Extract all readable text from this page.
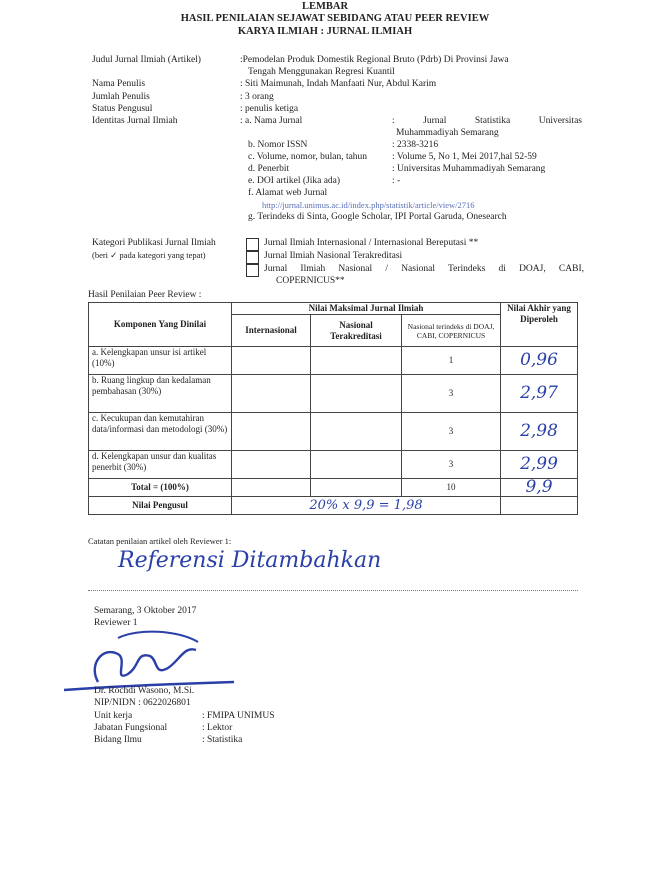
LEMBAR
HASIL PENILAIAN SEJAWAT SEBIDANG ATAU PEER REVIEW
KARYA ILMIAH : JURNAL ILMIAH
Judul Jurnal Ilmiah (Artikel)	:Pemodelan Produk Domestik Regional Bruto (Pdrb) Di Provinsi Jawa
Tengah Menggunakan Regresi Kuantil
Nama Penulis	: Siti Maimunah, Indah Manfaati Nur, Abdul Karim
Jumlah Penulis	: 3 orang
Status Pengusul	: penulis ketiga
Identitas Jurnal Ilmiah	: a. Nama Jurnal	: Jurnal Statistika Universitas
Muhammadiyah Semarang
b. Nomor ISSN	: 2338-3216
c. Volume, nomor, bulan, tahun	: Volume 5, No 1, Mei 2017,hal 52-59
d. Penerbit	: Universitas Muhammadiyah Semarang
e. DOI artikel (Jika ada)	: -
f. Alamat web Jurnal
http://jurnal.unimus.ac.id/index.php/statistik/article/view/2716
g. Terindeks di Sinta, Google Scholar, IPI Portal Garuda, Onesearch
Kategori Publikasi Jurnal Ilmiah
(beri ✓ pada kategori yang tepat)
Jurnal Ilmiah Internasional / Internasional Bereputasi **
Jurnal Ilmiah Nasional Terakreditasi
Jurnal Ilmiah Nasional / Nasional Terindeks di DOAJ, CABI,
COPERNICUS**
Hasil Penilaian Peer Review :
Komponen Yang Dinilai	Nilai Maksimal Jurnal Ilmiah			Nilai Akhir yang Diperoleh
	Internasional	Nasional Terakreditasi	Nasional terindeks di DOAJ, CABI, COPERNICUS	
a. Kelengkapan unsur isi artikel (10%)			1	0,96
b. Ruang lingkup dan kedalaman pembahasan (30%)			3	2,97
c. Kecukupan dan kemutahiran data/informasi dan metodologi (30%)			3	2,98
d. Kelengkapan unsur dan kualitas penerbit (30%)			3	2,99
Total = (100%)			10	9,9
Nilai Pengusul	20% x 9,9 = 1,98			
Catatan penilaian artikel oleh Reviewer 1:
Referensi Ditambahkan
Semarang, 3 Oktober 2017
Reviewer 1
Dr. Rochdi Wasono, M.Si.
NIP/NIDN : 0622026801
Unit kerja	: FMIPA UNIMUS
Jabatan Fungsional	: Lektor
Bidang Ilmu	: Statistika
